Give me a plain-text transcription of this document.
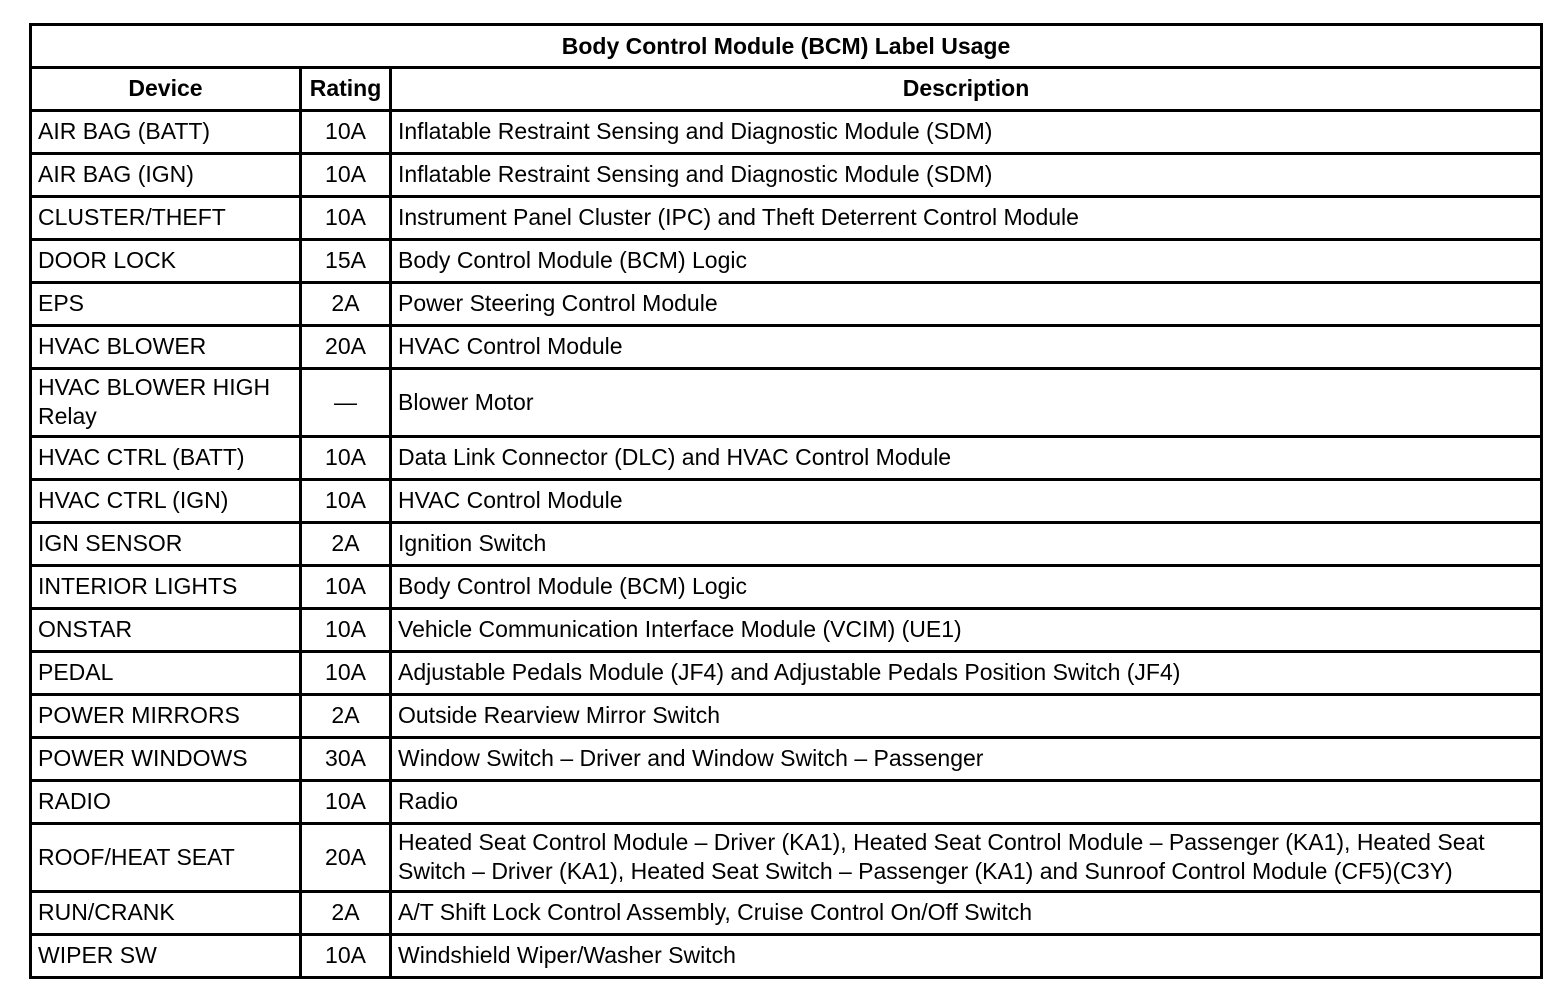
Body Control Module (BCM) Label Usage		
Device	Rating	Description
AIR BAG (BATT)	10A	Inflatable Restraint Sensing and Diagnostic Module (SDM)
AIR BAG (IGN)	10A	Inflatable Restraint Sensing and Diagnostic Module (SDM)
CLUSTER/THEFT	10A	Instrument Panel Cluster (IPC) and Theft Deterrent Control Module
DOOR LOCK	15A	Body Control Module (BCM) Logic
EPS	2A	Power Steering Control Module
HVAC BLOWER	20A	HVAC Control Module
HVAC BLOWER HIGH Relay	—	Blower Motor
HVAC CTRL (BATT)	10A	Data Link Connector (DLC) and HVAC Control Module
HVAC CTRL (IGN)	10A	HVAC Control Module
IGN SENSOR	2A	Ignition Switch
INTERIOR LIGHTS	10A	Body Control Module (BCM) Logic
ONSTAR	10A	Vehicle Communication Interface Module (VCIM) (UE1)
PEDAL	10A	Adjustable Pedals Module (JF4) and Adjustable Pedals Position Switch (JF4)
POWER MIRRORS	2A	Outside Rearview Mirror Switch
POWER WINDOWS	30A	Window Switch – Driver and Window Switch – Passenger
RADIO	10A	Radio
ROOF/HEAT SEAT	20A	Heated Seat Control Module – Driver (KA1), Heated Seat Control Module – Passenger (KA1), Heated Seat Switch – Driver (KA1), Heated Seat Switch – Passenger (KA1) and Sunroof Control Module (CF5)(C3Y)
RUN/CRANK	2A	A/T Shift Lock Control Assembly, Cruise Control On/Off Switch
WIPER SW	10A	Windshield Wiper/Washer Switch
